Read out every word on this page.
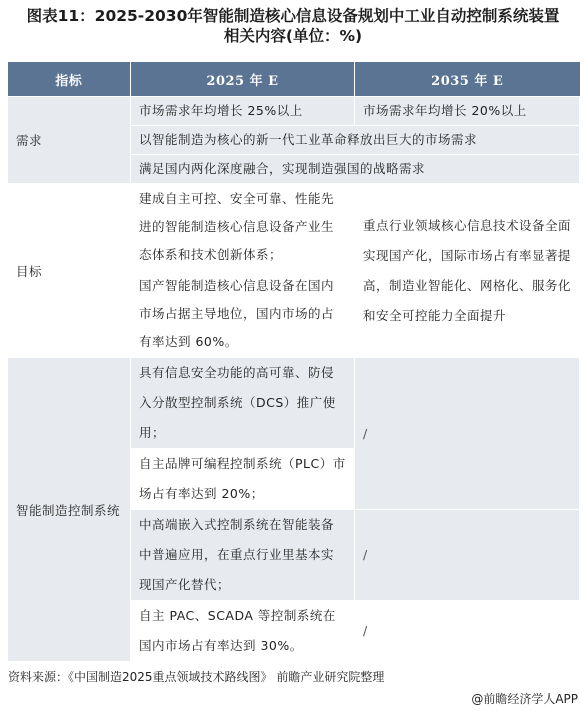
图表11：2025-2030年智能制造核心信息设备规划中工业自动控制系统装置
相关内容(单位：%)
指标	2025 年 E	2035 年 E
需求	市场需求年均增长 25%以上	市场需求年均增长 20%以上
	以智能制造为核心的新一代工业革命释放出巨大的市场需求	
	满足国内两化深度融合，实现制造强国的战略需求	
目标	建成自主可控、安全可靠、性能先进的智能制造核心信息设备产业生态体系和技术创新体系；	重点行业领域核心信息技术设备全面实现国产化，国际市场占有率显著提高，制造业智能化、网格化、服务化和安全可控能力全面提升
	国产智能制造核心信息设备在国内市场占据主导地位，国内市场的占有率达到 60%。	
智能制造控制系统	具有信息安全功能的高可靠、防侵入分散型控制系统（DCS）推广使用；	/
	自主品牌可编程控制系统（PLC）市场占有率达到 20%；	
	中高端嵌入式控制系统在智能装备中普遍应用，在重点行业里基本实现国产化替代；	/
	自主 PAC、SCADA 等控制系统在国内市场占有率达到 30%。	/
资料来源：《中国制造2025重点领域技术路线图》 前瞻产业研究院整理
@前瞻经济学人APP
